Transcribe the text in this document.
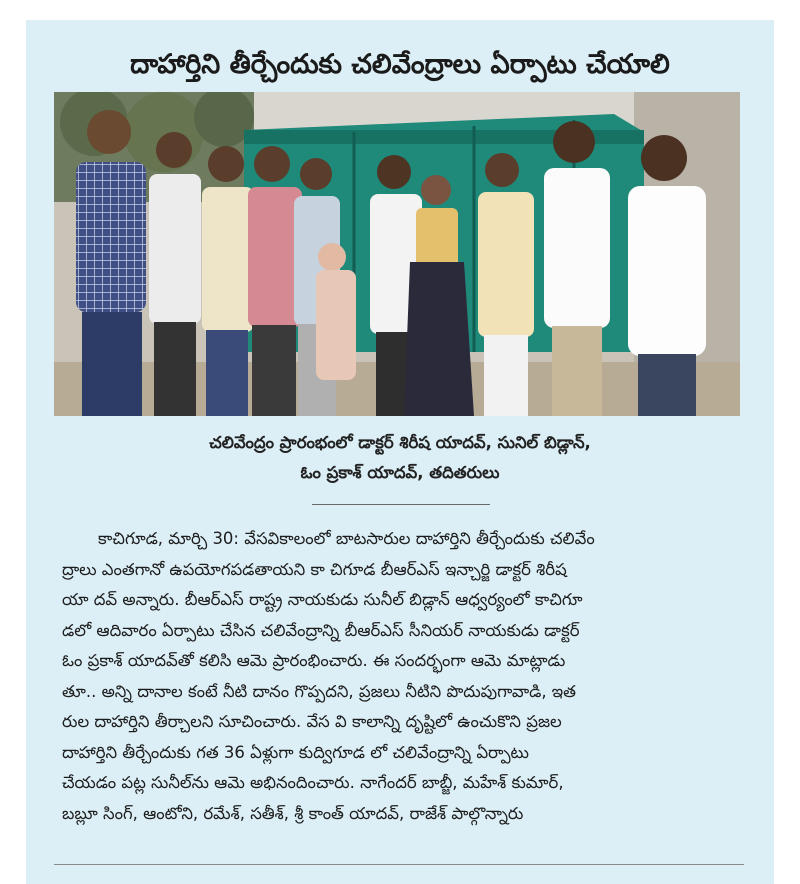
దాహార్తిని తీర్చేందుకు చలివేంద్రాలు ఏర్పాటు చేయాలి
చలివేంద్రం ప్రారంభంలో డాక్టర్ శిరీష యాదవ్, సునిల్ బిడ్లాన్,
ఓం ప్రకాశ్ యాదవ్, తదితరులు

కాచిగూడ, మార్చి 30: వేసవికాలంలో బాటసారుల దాహార్తిని తీర్చేందుకు చలివేం

ద్రాలు ఎంతగానో ఉపయోగపడతాయని కా చిగూడ బీఆర్ఎస్ ఇన్చార్జి డాక్టర్ శిరీష

యా దవ్ అన్నారు. బీఆర్ఎస్ రాష్ట్ర నాయకుడు సునీల్ బిడ్లాన్ ఆధ్వర్యంలో కాచిగూ

డలో ఆదివారం ఏర్పాటు చేసిన చలివేంద్రాన్ని బీఆర్ఎస్ సీనియర్ నాయకుడు డాక్టర్

ఓం ప్రకాశ్ యాదవ్‌తో కలిసి ఆమె ప్రారంభించారు. ఈ సందర్భంగా ఆమె మాట్లాడు

తూ.. అన్ని దానాల కంటే నీటి దానం గొప్పదని, ప్రజలు నీటిని పొదుపుగావాడి, ఇత

రుల దాహార్తిని తీర్చాలని సూచించారు. వేస వి కాలాన్ని దృష్టిలో ఉంచుకొని ప్రజల

దాహార్తిని తీర్చేందుకు గత 36 ఏళ్లుగా కుద్విగూడ లో చలివేంద్రాన్ని ఏర్పాటు

చేయడం పట్ల సునీల్‌ను ఆమె అభినందించారు. నాగేందర్ బాబ్జీ, మహేశ్ కుమార్,

బబ్లూ సింగ్, ఆంటోని, రమేశ్, సతీశ్, శ్రీ కాంత్ యాదవ్, రాజేశ్ పాల్గొన్నారు
